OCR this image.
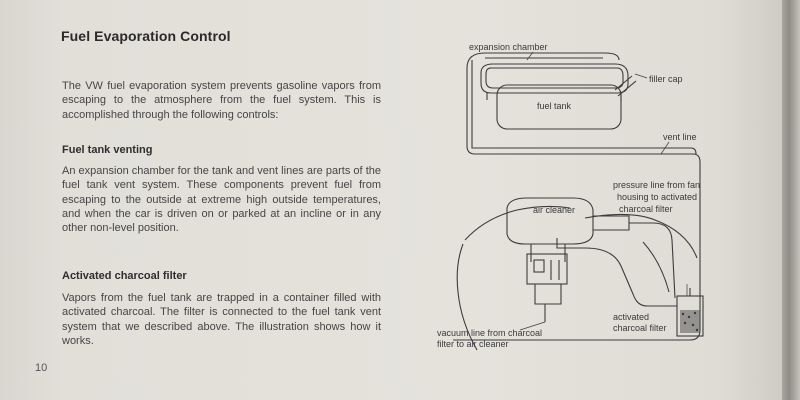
Fuel Evaporation Control

The VW fuel evaporation system prevents gasoline vapors from escaping to the atmosphere from the fuel system. This is accomplished through the following controls:

Fuel tank venting

An expansion chamber for the tank and vent lines are parts of the fuel tank vent system. These components prevent fuel from escaping to the outside at extreme high outside temperatures, and when the car is driven on or parked at an incline or in any other non-level position.

Activated charcoal filter

Vapors from the fuel tank are trapped in a container filled with activated charcoal. The filter is connected to the fuel tank vent system that we described above. The illustration shows how it works.

10
expansion chamber
filler cap
fuel tank
vent line
pressure line from fan
housing to activated
charcoal filter
air cleaner
activated
charcoal filter
vacuum line from charcoal
filter to air cleaner
